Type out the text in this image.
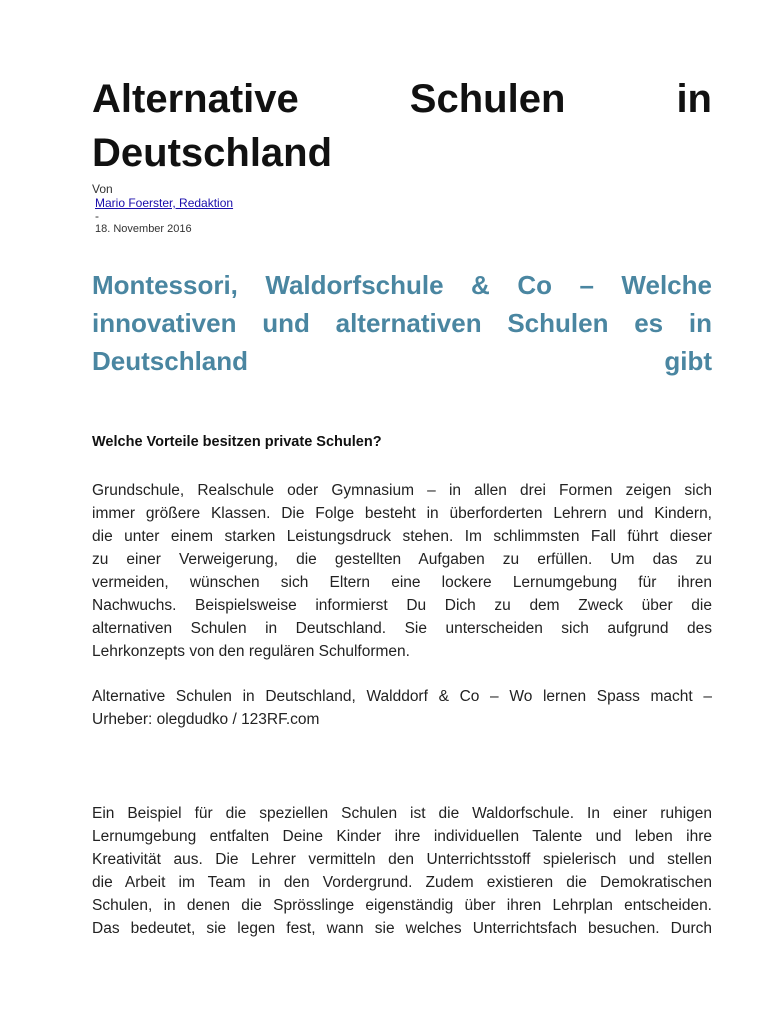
Alternative Schulen in
Deutschland
Von
Mario Foerster, Redaktion
-
18. November 2016
Montessori, Waldorfschule & Co – Welche
innovativen und alternativen Schulen es in
Deutschland gibt
Welche Vorteile besitzen private Schulen?

Grundschule, Realschule oder Gymnasium – in allen drei Formen zeigen sich
immer größere Klassen. Die Folge besteht in überforderten Lehrern und Kindern,
die unter einem starken Leistungsdruck stehen. Im schlimmsten Fall führt dieser
zu einer Verweigerung, die gestellten Aufgaben zu erfüllen. Um das zu
vermeiden, wünschen sich Eltern eine lockere Lernumgebung für ihren
Nachwuchs. Beispielsweise informierst Du Dich zu dem Zweck über die
alternativen Schulen in Deutschland. Sie unterscheiden sich aufgrund des
Lehrkonzepts von den regulären Schulformen.

Alternative Schulen in Deutschland, Walddorf & Co – Wo lernen Spass macht –
Urheber: olegdudko / 123RF.com

Ein Beispiel für die speziellen Schulen ist die Waldorfschule. In einer ruhigen
Lernumgebung entfalten Deine Kinder ihre individuellen Talente und leben ihre
Kreativität aus. Die Lehrer vermitteln den Unterrichtsstoff spielerisch und stellen
die Arbeit im Team in den Vordergrund. Zudem existieren die Demokratischen
Schulen, in denen die Sprösslinge eigenständig über ihren Lehrplan entscheiden.
Das bedeutet, sie legen fest, wann sie welches Unterrichtsfach besuchen. Durch
